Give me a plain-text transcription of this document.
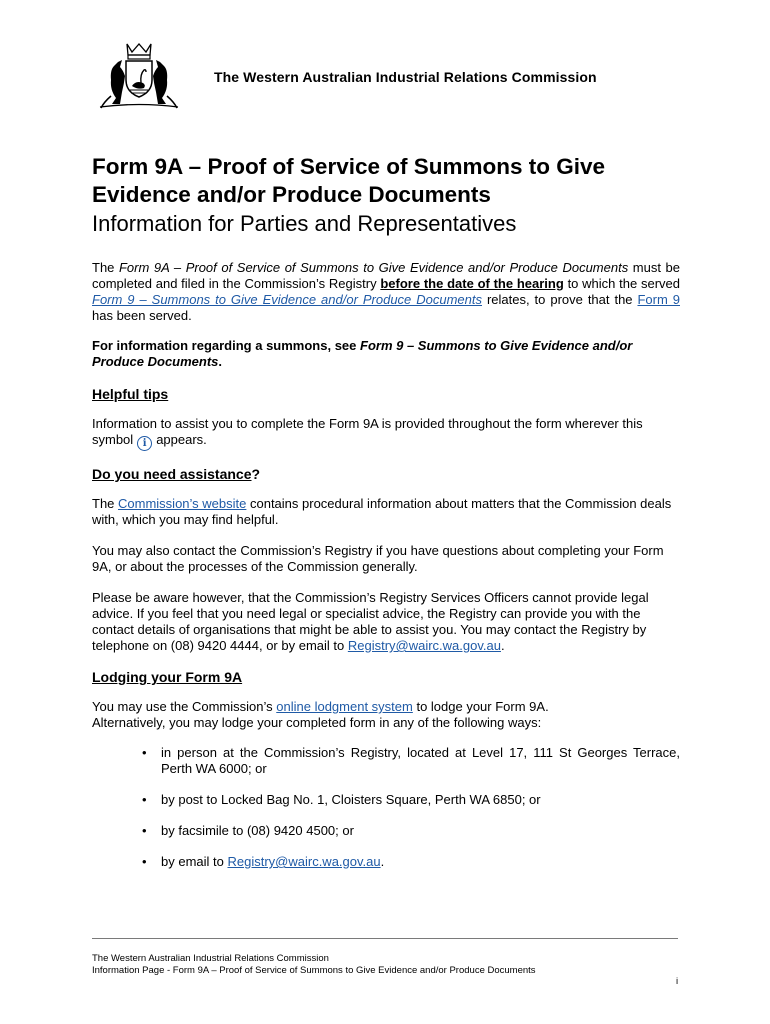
The Western Australian Industrial Relations Commission
Form 9A – Proof of Service of Summons to Give Evidence and/or Produce Documents
Information for Parties and Representatives

The Form 9A – Proof of Service of Summons to Give Evidence and/or Produce Documents must be completed and filed in the Commission’s Registry before the date of the hearing to which the served Form 9 – Summons to Give Evidence and/or Produce Documents relates, to prove that the Form 9 has been served.

For information regarding a summons, see Form 9 – Summons to Give Evidence and/or Produce Documents.

Helpful tips

Information to assist you to complete the Form 9A is provided throughout the form wherever this symbol i appears.

Do you need assistance?

The Commission’s website contains procedural information about matters that the Commission deals with, which you may find helpful.

You may also contact the Commission’s Registry if you have questions about completing your Form 9A, or about the processes of the Commission generally.

Please be aware however, that the Commission’s Registry Services Officers cannot provide legal advice. If you feel that you need legal or specialist advice, the Registry can provide you with the contact details of organisations that might be able to assist you. You may contact the Registry by telephone on (08) 9420 4444, or by email to Registry@wairc.wa.gov.au.

Lodging your Form 9A

You may use the Commission’s online lodgment system to lodge your Form 9A.
Alternatively, you may lodge your completed form in any of the following ways:

• in person at the Commission’s Registry, located at Level 17, 111 St Georges Terrace, Perth WA 6000; or
• by post to Locked Bag No. 1, Cloisters Square, Perth WA 6850; or
• by facsimile to (08) 9420 4500; or
• by email to Registry@wairc.wa.gov.au.
The Western Australian Industrial Relations Commission
Information Page - Form 9A – Proof of Service of Summons to Give Evidence and/or Produce Documents
i
